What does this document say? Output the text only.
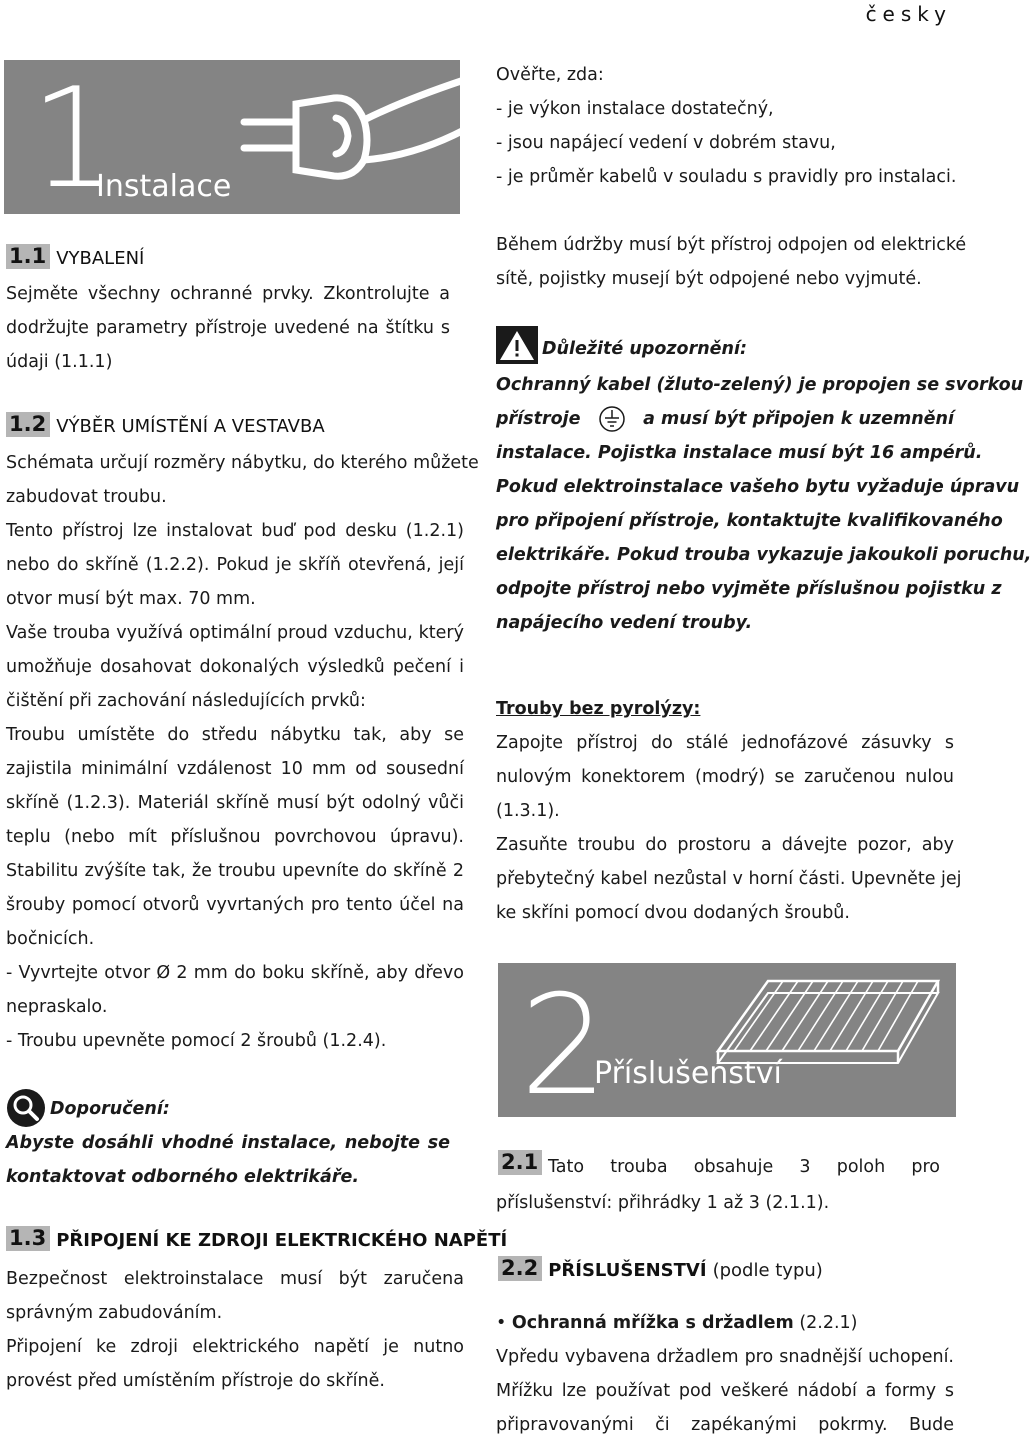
česky
1
Instalace
1.1 VYBALENÍ
Sejměte všechny ochranné prvky. Zkontrolujte a
dodržujte parametry přístroje uvedené na štítku s
údaji (1.1.1)
1.2 VÝBĚR UMÍSTĚNÍ A VESTAVBA
Schémata určují rozměry nábytku, do kterého můžete
zabudovat troubu.
Tento přístroj lze instalovat buď pod desku (1.2.1)
nebo do skříně (1.2.2). Pokud je skříň otevřená, její
otvor musí být max. 70 mm.
Vaše trouba využívá optimální proud vzduchu, který
umožňuje dosahovat dokonalých výsledků pečení i
čištění při zachování následujících prvků:
Troubu umístěte do středu nábytku tak, aby se
zajistila minimální vzdálenost 10 mm od sousední
skříně (1.2.3). Materiál skříně musí být odolný vůči
teplu (nebo mít příslušnou povrchovou úpravu).
Stabilitu zvýšíte tak, že troubu upevníte do skříně 2
šrouby pomocí otvorů vyvrtaných pro tento účel na
bočnicích.
- Vyvrtejte otvor Ø 2 mm do boku skříně, aby dřevo
nepraskalo.
- Troubu upevněte pomocí 2 šroubů (1.2.4).
Doporučení:
Abyste dosáhli vhodné instalace, nebojte se
kontaktovat odborného elektrikáře.
1.3 PŘIPOJENÍ KE ZDROJI ELEKTRICKÉHO NAPĚTÍ
Bezpečnost elektroinstalace musí být zaručena
správným zabudováním.
Připojení ke zdroji elektrického napětí je nutno
provést před umístěním přístroje do skříně.
Ověřte, zda:
- je výkon instalace dostatečný,
- jsou napájecí vedení v dobrém stavu,
- je průměr kabelů v souladu s pravidly pro instalaci.
Během údržby musí být přístroj odpojen od elektrické
sítě, pojistky musejí být odpojené nebo vyjmuté.
Důležité upozornění:
Ochranný kabel (žluto-zelený) je propojen se svorkou
přístroje	a musí být připojen k uzemnění
instalace. Pojistka instalace musí být 16 ampérů.
Pokud elektroinstalace vašeho bytu vyžaduje úpravu
pro připojení přístroje, kontaktujte kvalifikovaného
elektrikáře. Pokud trouba vykazuje jakoukoli poruchu,
odpojte přístroj nebo vyjměte příslušnou pojistku z
napájecího vedení trouby.
Trouby bez pyrolýzy:
Zapojte přístroj do stálé jednofázové zásuvky s
nulovým konektorem (modrý) se zaručenou nulou
(1.3.1).
Zasuňte troubu do prostoru a dávejte pozor, aby
přebytečný kabel nezůstal v horní části. Upevněte jej
ke skříni pomocí dvou dodaných šroubů.
2
Příslušenství
2.1 Tato trouba obsahuje 3 poloh pro
příslušenství: přihrádky 1 až 3 (2.1.1).
2.2 PŘÍSLUŠENSTVÍ (podle typu)
• Ochranná mřížka s držadlem (2.2.1)
Vpředu vybavena držadlem pro snadnější uchopení.
Mřížku lze používat pod veškeré nádobí a formy s
připravovanými či zapékanými pokrmy. Bude
